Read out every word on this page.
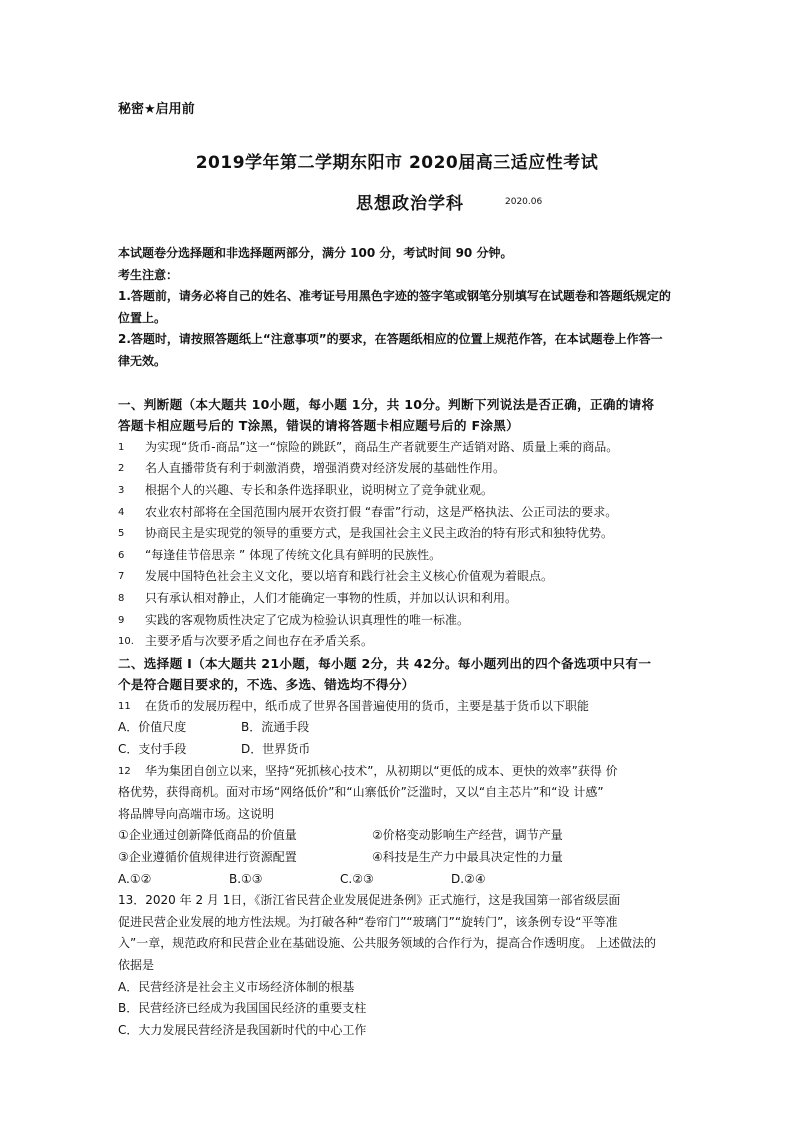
秘密★启用前
2019学年第二学期东阳市 2020届高三适应性考试
思想政治学科	2020.06

本试题卷分选择题和非选择题两部分，满分 100 分，考试时间 90 分钟。

考生注意：

1.答题前，请务必将自己的姓名、准考证号用黑色字迹的签字笔或钢笔分别填写在试题卷和答题纸规定的

位置上。

2.答题时，请按照答题纸上“注意事项”的要求，在答题纸相应的位置上规范作答，在本试题卷上作答一

律无效。

一、判断题（本大题共 10小题，每小题 1分，共 10分。判断下列说法是否正确，正确的请将

答题卡相应题号后的 T涂黑，错误的请将答题卡相应题号后的 F涂黑）

1	为实现“货币-商品”这一“惊险的跳跃”，商品生产者就要生产适销对路、质量上乘的商品。
2	名人直播带货有利于刺激消费，增强消费对经济发展的基础性作用。
3	根据个人的兴趣、专长和条件选择职业，说明树立了竞争就业观。
4	农业农村部将在全国范围内展开农资打假 “春雷”行动，这是严格执法、公正司法的要求。
5	协商民主是实现党的领导的重要方式，是我国社会主义民主政治的特有形式和独特优势。
6	“每逢佳节倍思亲 ” 体现了传统文化具有鲜明的民族性。
7	发展中国特色社会主义文化，要以培育和践行社会主义核心价值观为着眼点。
8	只有承认相对静止，人们才能确定一事物的性质，并加以认识和利用。
9	实践的客观物质性决定了它成为检验认识真理性的唯一标准。
10. 主要矛盾与次要矛盾之间也存在矛盾关系。

二、选择题 I（本大题共 21小题，每小题 2分，共 42分。每小题列出的四个备选项中只有一

个是符合题目要求的，不选、多选、错选均不得分）

11	在货币的发展历程中，纸币成了世界各国普遍使用的货币，主要是基于货币以下职能
A．价值尺度	B．流通手段
C．支付手段	D．世界货币
12	华为集团自创立以来，坚持“死抓核心技术”，从初期以“更低的成本、更快的效率”获得 价

格优势，获得商机。面对市场“网络低价”和“山寨低价”泛滥时，又以“自主芯片”和“设 计感”

将品牌导向高端市场。这说明

①企业通过创新降低商品的价值量	②价格变动影响生产经营，调节产量
③企业遵循价值规律进行资源配置	④科技是生产力中最具决定性的力量
A.①②	B.①③	C.②③	D.②④

13．2020 年 2 月 1日，《浙江省民营企业发展促进条例》正式施行，这是我国第一部省级层面

促进民营企业发展的地方性法规。为打破各种“卷帘门”“玻璃门”“旋转门”，该条例专设“平等准

入”一章，规范政府和民营企业在基础设施、公共服务领域的合作行为，提高合作透明度。 上述做法的

依据是

A．民营经济是社会主义市场经济体制的根基

B．民营经济已经成为我国国民经济的重要支柱

C．大力发展民营经济是我国新时代的中心工作
